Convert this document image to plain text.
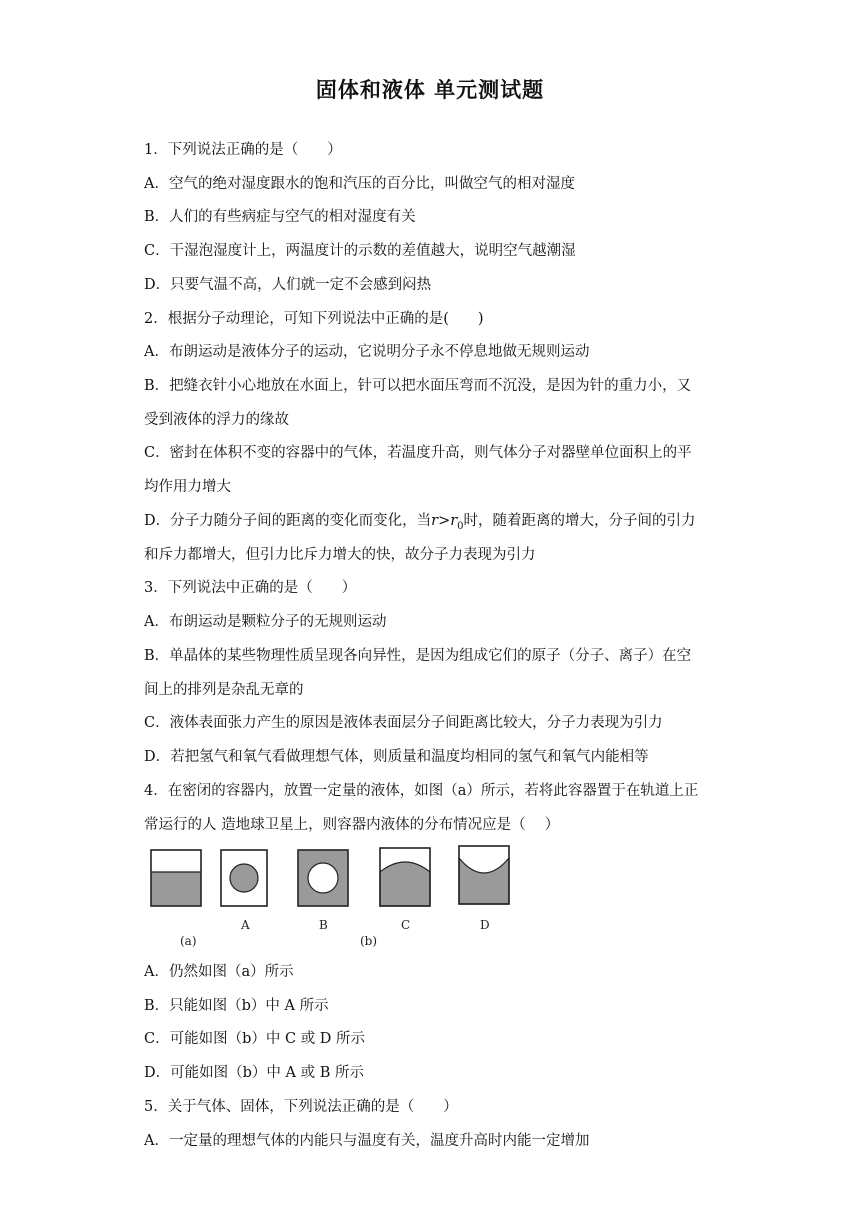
固体和液体 单元测试题
1．下列说法正确的是（　　）
A．空气的绝对湿度跟水的饱和汽压的百分比，叫做空气的相对湿度
B．人们的有些病症与空气的相对湿度有关
C．干湿泡湿度计上，两温度计的示数的差值越大，说明空气越潮湿
D．只要气温不高，人们就一定不会感到闷热
2．根据分子动理论，可知下列说法中正确的是(　　)
A．布朗运动是液体分子的运动，它说明分子永不停息地做无规则运动
B．把缝衣针小心地放在水面上，针可以把水面压弯而不沉没，是因为针的重力小，又
受到液体的浮力的缘故
C．密封在体积不变的容器中的气体，若温度升高，则气体分子对器壁单位面积上的平
均作用力增大
D．分子力随分子间的距离的变化而变化，当$r>r_0$时，随着距离的增大，分子间的引力
和斥力都增大，但引力比斥力增大的快，故分子力表现为引力
3．下列说法中正确的是（　　）
A．布朗运动是颗粒分子的无规则运动
B．单晶体的某些物理性质呈现各向异性，是因为组成它们的原子（分子、离子）在空
间上的排列是杂乱无章的
C．液体表面张力产生的原因是液体表面层分子间距离比较大，分子力表现为引力
D．若把氢气和氧气看做理想气体，则质量和温度均相同的氢气和氧气内能相等
4．在密闭的容器内，放置一定量的液体，如图（a）所示，若将此容器置于在轨道上正
常运行的人 造地球卫星上，则容器内液体的分布情况应是（　 ）
(a)
A	B
(b)
C	D
A．仍然如图（a）所示
B．只能如图（b）中 A 所示
C．可能如图（b）中 C 或 D 所示
D．可能如图（b）中 A 或 B 所示
5．关于气体、固体，下列说法正确的是（　　）
A．一定量的理想气体的内能只与温度有关，温度升高时内能一定增加
